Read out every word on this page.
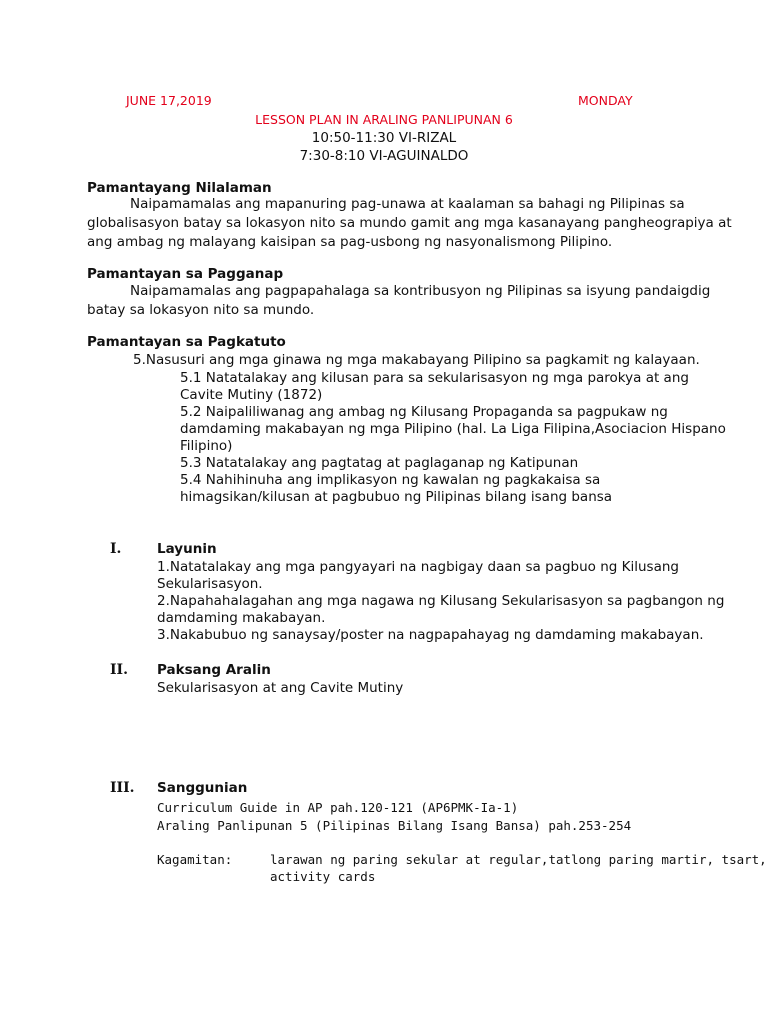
JUNE 17,2019	MONDAY
LESSON PLAN IN ARALING PANLIPUNAN 6
10:50-11:30 VI-RIZAL
7:30-8:10 VI-AGUINALDO
Pamantayang Nilalaman
Naipamamalas ang mapanuring pag-unawa at kaalaman sa bahagi ng Pilipinas sa
globalisasyon batay sa lokasyon nito sa mundo gamit ang mga kasanayang pangheograpiya at
ang ambag ng malayang kaisipan sa pag-usbong ng nasyonalismong Pilipino.
Pamantayan sa Pagganap
Naipamamalas ang pagpapahalaga sa kontribusyon ng Pilipinas sa isyung pandaigdig
batay sa lokasyon nito sa mundo.
Pamantayan sa Pagkatuto
5.Nasusuri ang mga ginawa ng mga makabayang Pilipino sa pagkamit ng kalayaan.
5.1 Natatalakay ang kilusan para sa sekularisasyon ng mga parokya at ang
Cavite Mutiny (1872)
5.2 Naipaliliwanag ang ambag ng Kilusang Propaganda sa pagpukaw ng
damdaming makabayan ng mga Pilipino (hal. La Liga Filipina,Asociacion Hispano
Filipino)
5.3 Natatalakay ang pagtatag at paglaganap ng Katipunan
5.4 Nahihinuha ang implikasyon ng kawalan ng pagkakaisa sa
himagsikan/kilusan at pagbubuo ng Pilipinas bilang isang bansa
I.	Layunin
1.Natatalakay ang mga pangyayari na nagbigay daan sa pagbuo ng Kilusang
Sekularisasyon.
2.Napahahalagahan ang mga nagawa ng Kilusang Sekularisasyon sa pagbangon ng
damdaming makabayan.
3.Nakabubuo ng sanaysay/poster na nagpapahayag ng damdaming makabayan.
II. Paksang Aralin
Sekularisasyon at ang Cavite Mutiny
III. Sanggunian
Curriculum Guide in AP pah.120-121 (AP6PMK-Ia-1)
Araling Panlipunan 5 (Pilipinas Bilang Isang Bansa) pah.253-254
Kagamitan:	larawan ng paring sekular at regular,tatlong paring martir, tsart,
activity cards
